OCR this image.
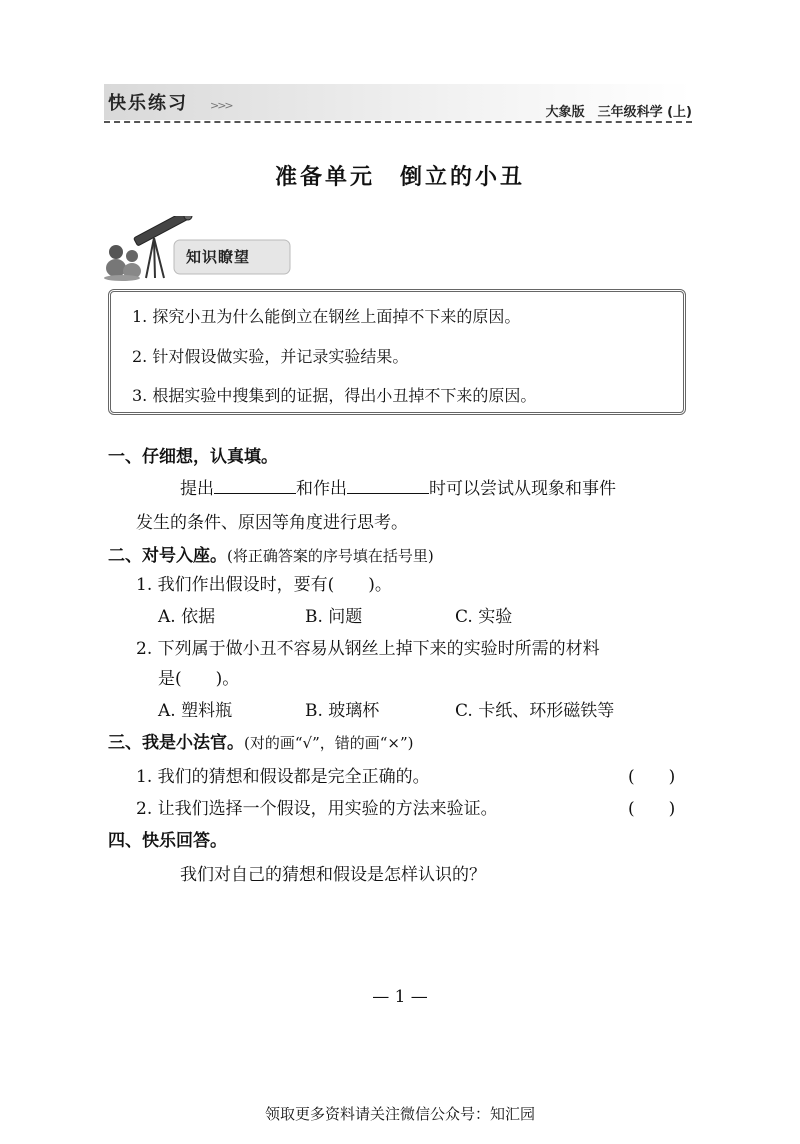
快乐练习 >>>	大象版　三年级科学 (上)
准备单元　倒立的小丑
知识瞭望
1. 探究小丑为什么能倒立在钢丝上面掉不下来的原因。
2. 针对假设做实验，并记录实验结果。
3. 根据实验中搜集到的证据，得出小丑掉不下来的原因。
一、仔细想，认真填。
提出	和作出	时可以尝试从现象和事件
发生的条件、原因等角度进行思考。
二、对号入座。(将正确答案的序号填在括号里)
1. 我们作出假设时，要有( )。
A. 依据	B. 问题	C. 实验
2. 下列属于做小丑不容易从钢丝上掉下来的实验时所需的材料
是( )。
A. 塑料瓶	B. 玻璃杯	C. 卡纸、环形磁铁等
三、我是小法官。(对的画“√”，错的画“×”)
1. 我们的猜想和假设都是完全正确的。	(　　)
2. 让我们选择一个假设，用实验的方法来验证。	(　　)
四、快乐回答。
我们对自己的猜想和假设是怎样认识的？
— 1 —
领取更多资料请关注微信公众号：知汇园
